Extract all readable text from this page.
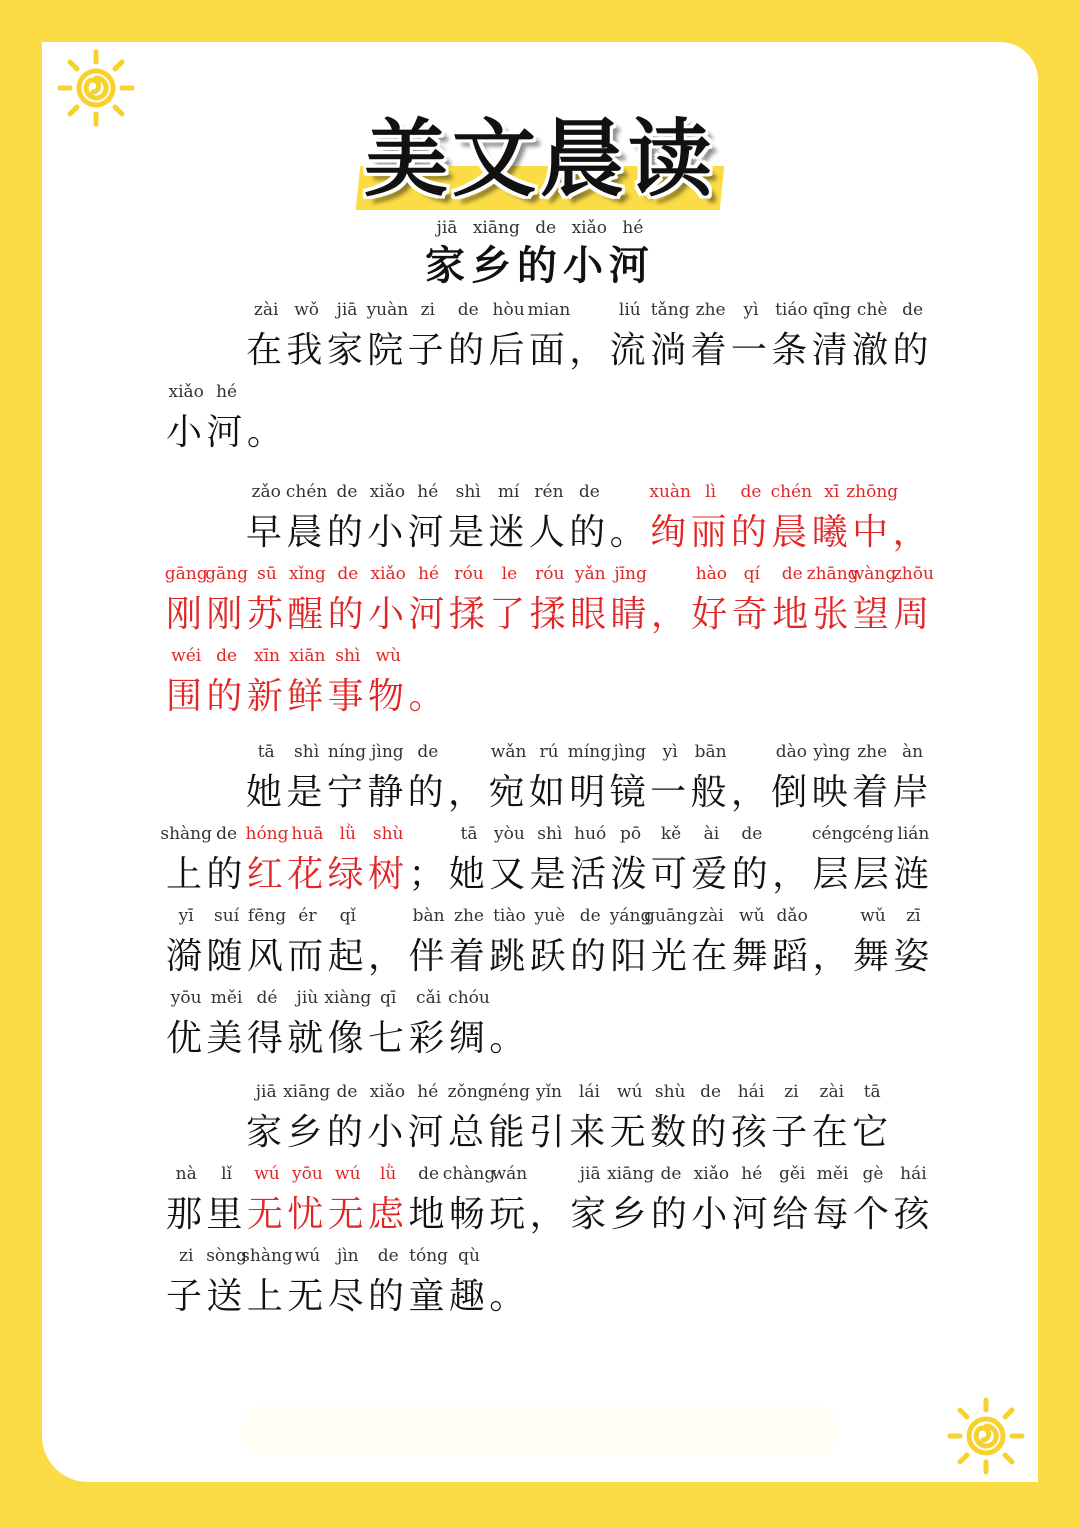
美文晨读
jiā xiāng de xiǎo hé
家乡的小河
zài wǒ jiā yuàn zi de hòu mian	liú tǎng zhe yì tiáo qīng chè de
在我家院子的后面，流淌着一条清澈的
xiǎo hé
小河。
zǎo chén de xiǎo hé shì mí rén de	xuàn lì de chén xī zhōng
早晨的小河是迷人的。绚丽的晨曦中，
gāng
gāng sū xǐng de xiǎo hé róu le róu yǎn jīng	hào qí de zhāng
wàng
zhōu
刚刚苏醒的小河揉了揉眼睛，好奇地张望周
wéi de xīn xiān shì wù
围的新鲜事物。
tā shì níng jìng de	wǎn rú míng jìng yì bān	dào yìng zhe àn
她是宁静的，宛如明镜一般，倒映着岸
shàng de hóng huā lǜ shù	tā yòu shì huó pō kě ài de	céng
céng lián
上的红花绿树；她又是活泼可爱的，层层涟
yī suí fēng ér qǐ	bàn zhe tiào yuè de yáng
guāng zài wǔ dǎo	wǔ zī
漪随风而起，伴着跳跃的阳光在舞蹈，舞姿
yōu měi dé jiù xiàng qī cǎi chóu
优美得就像七彩绸。
jiā xiāng de xiǎo hé zǒng
néng yǐn lái wú shù de hái zi zài tā
家乡的小河总能引来无数的孩子在它
nà lǐ wú yōu wú lǜ de chàng
wán	jiā xiāng de xiǎo hé gěi měi gè hái
那里无忧无虑地畅玩，家乡的小河给每个孩
zi sòng
shàng wú jìn de tóng qù
子送上无尽的童趣。
